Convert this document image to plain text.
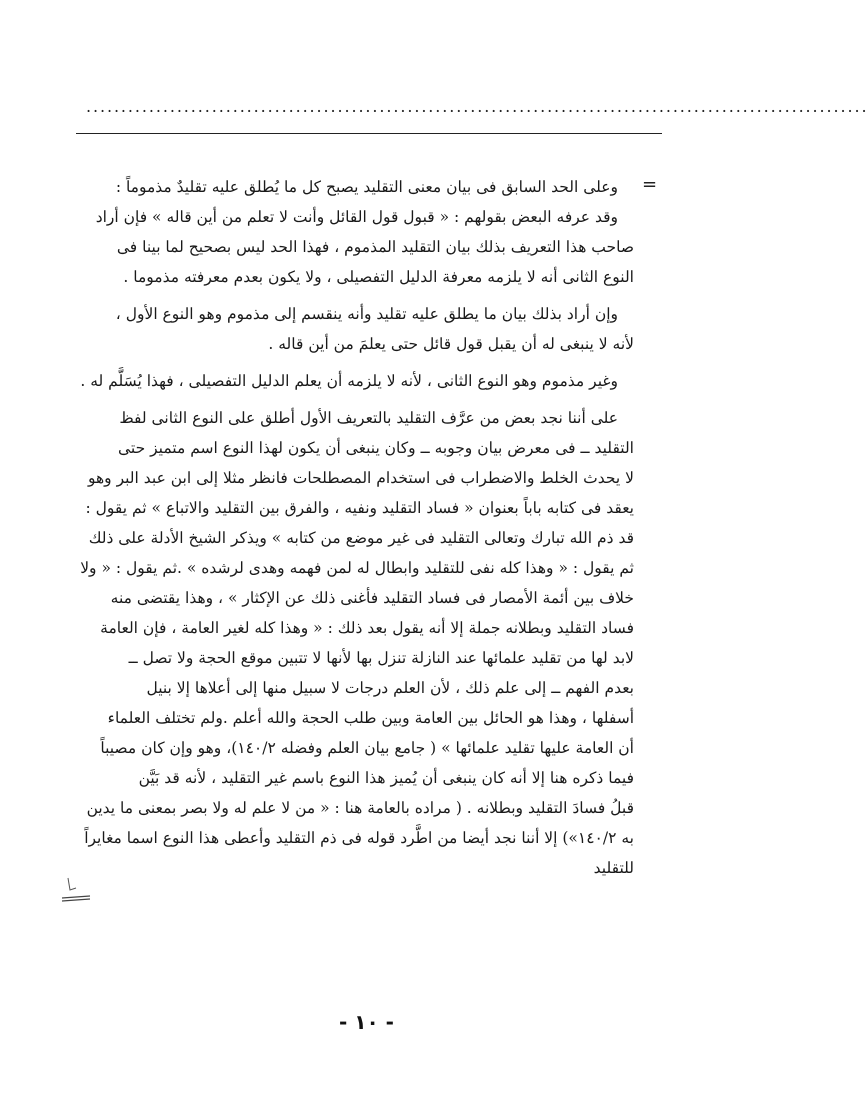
................................................................................................................
=
وعلى الحد السابق فى بيان معنى التقليد يصبح كل ما يُطلق عليه تقليدٌ مذموماً :
وقد عرفه البعض بقولهم : « قبول قول القائل وأنت لا تعلم من أين قاله » فإن أراد
صاحب هذا التعريف بذلك بيان التقليد المذموم ، فهذا الحد ليس بصحيح لما بينا فى
النوع الثانى أنه لا يلزمه معرفة الدليل التفصيلى ، ولا يكون بعدم معرفته مذموما .
وإن أراد بذلك بيان ما يطلق عليه تقليد وأنه ينقسم إلى مذموم وهو النوع الأول ،
لأنه لا ينبغى له أن يقبل قول قائل حتى يعلمَ من أين قاله .
وغير مذموم وهو النوع الثانى ، لأنه لا يلزمه أن يعلم الدليل التفصيلى ، فهذا يُسَلَّم له .
على أننا نجد بعض من عرَّف التقليد بالتعريف الأول أطلق على النوع الثانى لفظ
التقليد ــ فى معرض بيان وجوبه ــ وكان ينبغى أن يكون لهذا النوع اسم متميز حتى
لا يحدث الخلط والاضطراب فى استخدام المصطلحات فانظر مثلا إلى ابن عبد البر وهو
يعقد فى كتابه باباً بعنوان « فساد التقليد ونفيه ، والفرق بين التقليد والاتباع » ثم يقول :
قد ذم الله تبارك وتعالى التقليد فى غير موضع من كتابه » ويذكر الشيخ الأدلة على ذلك
ثم يقول : « وهذا كله نفى للتقليد وابطال له لمن فهمه وهدى لرشده » .ثم يقول : « ولا
خلاف بين أئمة الأمصار فى فساد التقليد فأغنى ذلك عن الإكثار » ، وهذا يقتضى منه
فساد التقليد وبطلانه جملة إلا أنه يقول بعد ذلك : « وهذا كله لغير العامة ، فإن العامة
لابد لها من تقليد علمائها عند النازلة تنزل بها لأنها لا تتبين موقع الحجة ولا تصل ــ
بعدم الفهم ــ إلى علم ذلك ، لأن العلم درجات لا سبيل منها إلى أعلاها إلا بنيل
أسفلها ، وهذا هو الحائل بين العامة وبين طلب الحجة والله أعلم .ولم تختلف العلماء
أن العامة عليها تقليد علمائها » ( جامع بيان العلم وفضله ١٤٠/٢)، وهو وإن كان مصيباً
فيما ذكره هنا إلا أنه كان ينبغى أن يُميز هذا النوع باسم غير التقليد ، لأنه قد بَيَّن
قبلُ فسادَ التقليد وبطلانه . ( مراده بالعامة هنا : « من لا علم له ولا بصر بمعنى ما يدين
به ١٤٠/٢») إلا أننا نجد أيضا من اطَّرد قوله فى ذم التقليد وأعطى هذا النوع اسما مغايراً
للتقليد
- ١٠ -
